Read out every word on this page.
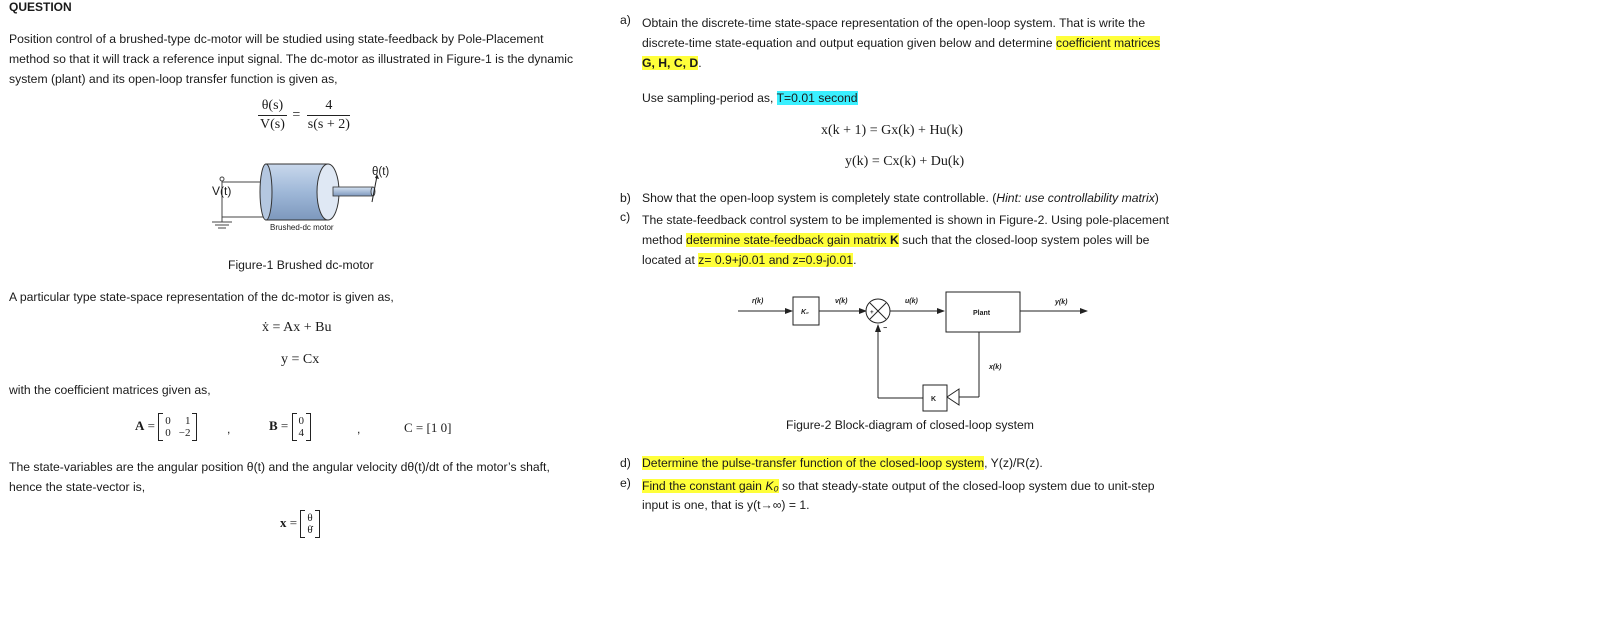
QUESTION
Position control of a brushed-type dc-motor will be studied using state-feedback by Pole-Placement
method so that it will track a reference input signal. The dc-motor as illustrated in Figure-1 is the dynamic
system (plant) and its open-loop transfer function is given as,
$\frac{\theta(s)}{V(s)} = \frac{4}{s(s + 2)}$
V(t)
θ(t)
Brushed-dc motor
Figure-1 Brushed dc-motor
A particular type state-space representation of the dc-motor is given as,
ẋ = Ax + Bu
y = Cx
with the coefficient matrices given as,
A = 0	1
0 −2	,	B = 0
4	,	C = [1 0]
The state-variables are the angular position θ(t) and the angular velocity dθ(t)/dt of the motor’s shaft,
hence the state-vector is,
x = θ
θ̇
a) Obtain the discrete-time state-space representation of the open-loop system. That is write the
discrete-time state-equation and output equation given below and determine coefficient matrices
G, H, C, D.
Use sampling-period as, T=0.01 second
x(k + 1) = Gx(k) + Hu(k)
y(k) = Cx(k) + Du(k)
b) Show that the open-loop system is completely state controllable. (Hint: use controllability matrix)
c) The state-feedback control system to be implemented is shown in Figure-2. Using pole-placement
method determine state-feedback gain matrix K such that the closed-loop system poles will be
located at z= 0.9+j0.01 and z=0.9-j0.01.
r(k)
K₀
v(k)
+
−
u(k)
Plant
y(k)
x(k)
K
Figure-2 Block-diagram of closed-loop system
d) Determine the pulse-transfer function of the closed-loop system, Y(z)/R(z).
e) Find the constant gain K₀ so that steady-state output of the closed-loop system due to unit-step
input is one, that is y(t→∞) = 1.
